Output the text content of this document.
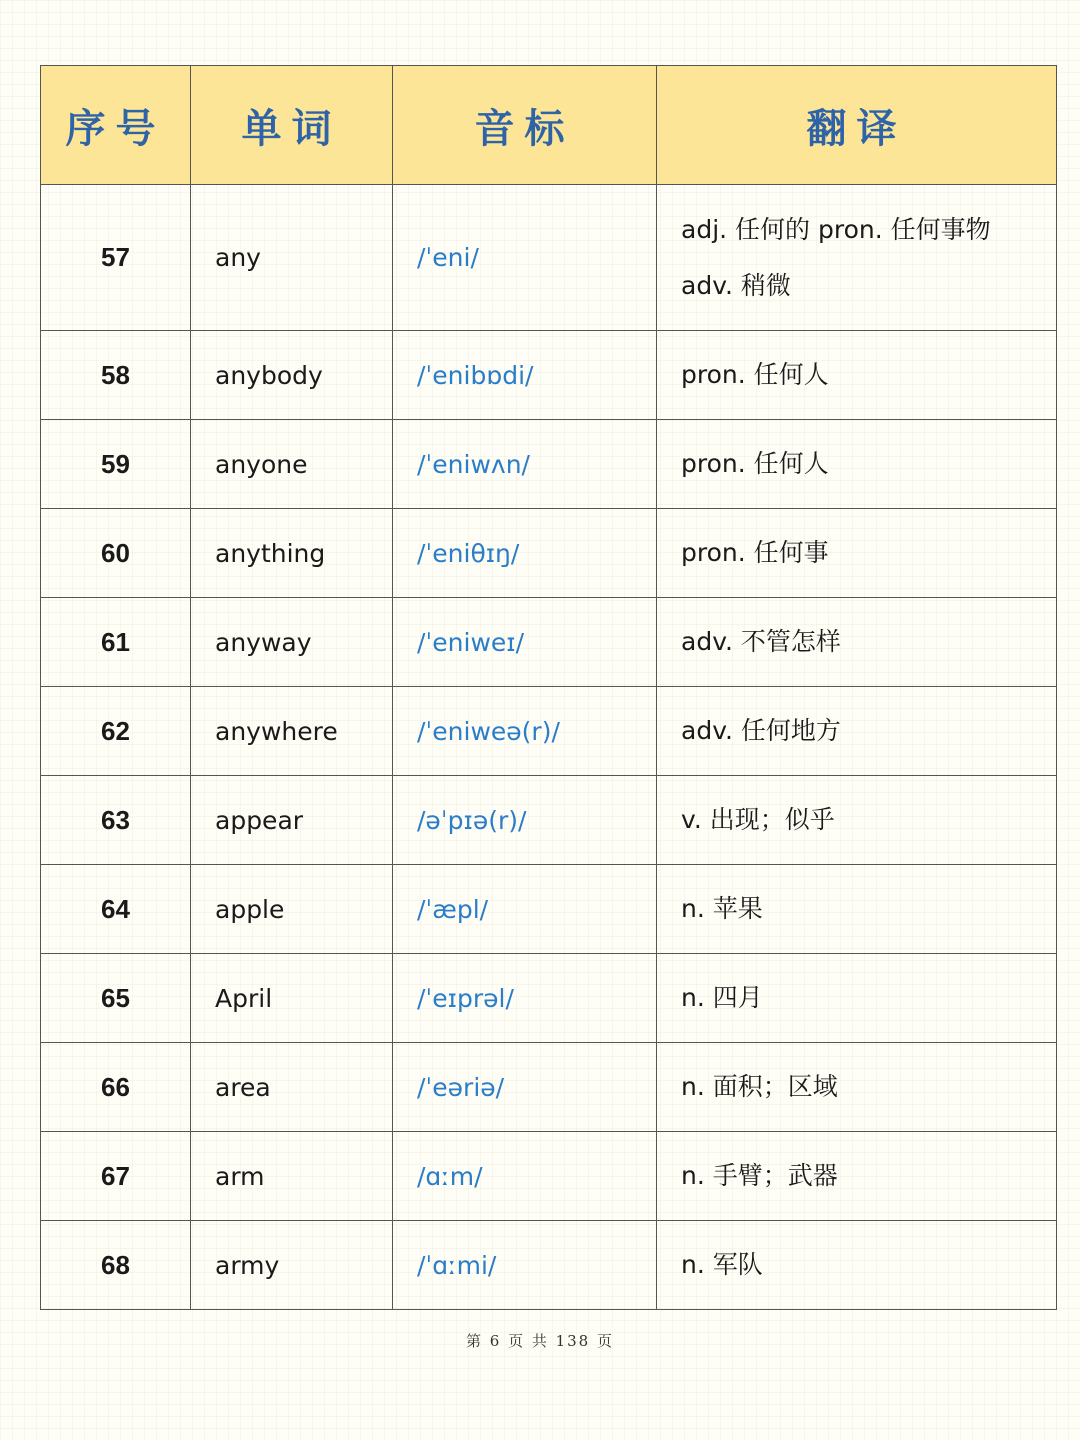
序号	单词	音标	翻译
57	any	/ˈeni/	adj. 任何的 pron. 任何事物
adv. 稍微

58	anybody	/ˈenibɒdi/	pron. 任何人
59	anyone	/ˈeniwʌn/	pron. 任何人
60	anything	/ˈeniθɪŋ/	pron. 任何事
61	anyway	/ˈeniweɪ/	adv. 不管怎样
62	anywhere	/ˈeniweə(r)/	adv. 任何地方
63	appear	/əˈpɪə(r)/	v. 出现；似乎
64	apple	/ˈæpl/	n. 苹果
65	April	/ˈeɪprəl/	n. 四月
66	area	/ˈeəriə/	n. 面积；区域
67	arm	/ɑːm/	n. 手臂；武器
68	army	/ˈɑːmi/	n. 军队
第 6 页 共 138 页
